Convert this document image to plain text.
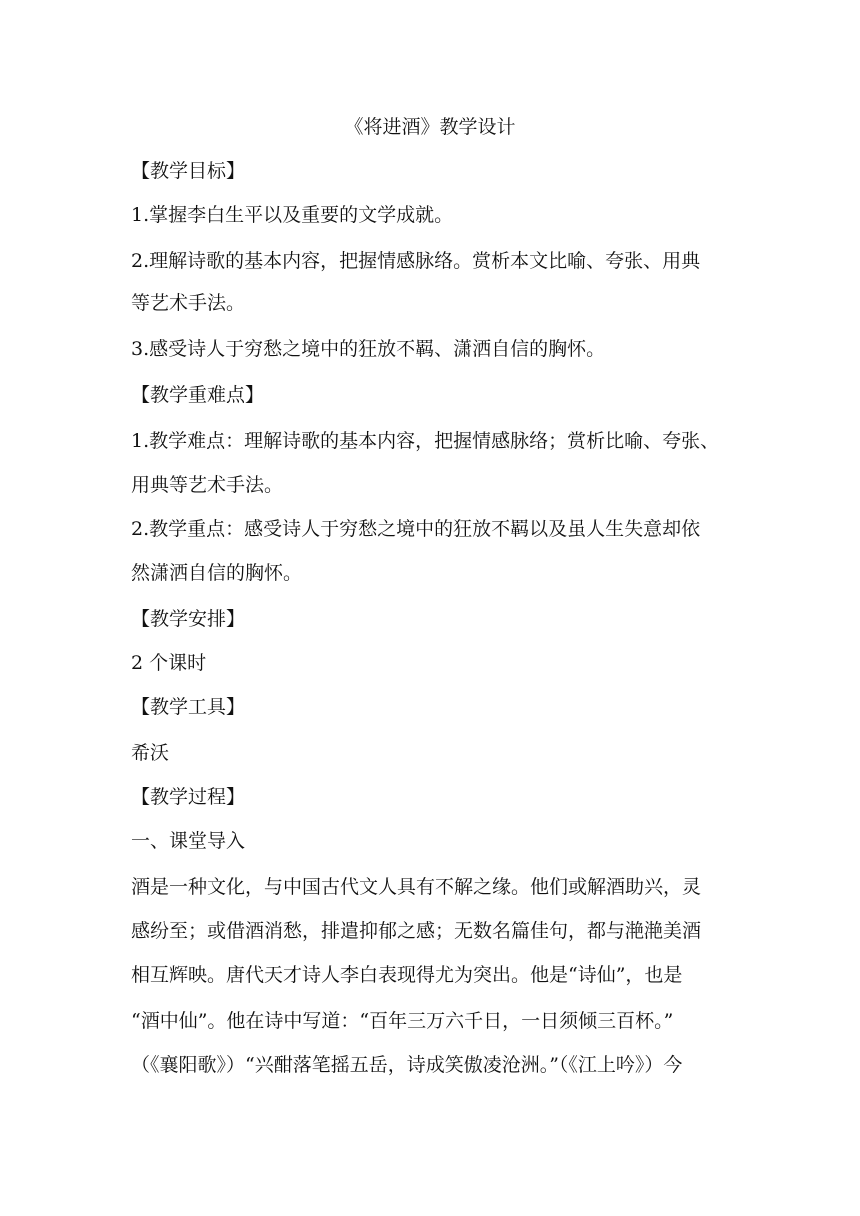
《将进酒》教学设计

【教学目标】

1.掌握李白生平以及重要的文学成就。

2.理解诗歌的基本内容，把握情感脉络。赏析本文比喻、夸张、用典

等艺术手法。

3.感受诗人于穷愁之境中的狂放不羁、潇洒自信的胸怀。

【教学重难点】

1.教学难点：理解诗歌的基本内容，把握情感脉络；赏析比喻、夸张、

用典等艺术手法。

2.教学重点：感受诗人于穷愁之境中的狂放不羁以及虽人生失意却依

然潇洒自信的胸怀。

【教学安排】

2 个课时

【教学工具】

希沃

【教学过程】

一、课堂导入

酒是一种文化，与中国古代文人具有不解之缘。他们或解酒助兴，灵

感纷至；或借酒消愁，排遣抑郁之感；无数名篇佳句，都与滟滟美酒

相互辉映。唐代天才诗人李白表现得尤为突出。他是“诗仙”，也是

“酒中仙”。他在诗中写道：“百年三万六千日，一日须倾三百杯。”

（《襄阳歌》）“兴酣落笔摇五岳，诗成笑傲凌沧洲。”（《江上吟》）今
